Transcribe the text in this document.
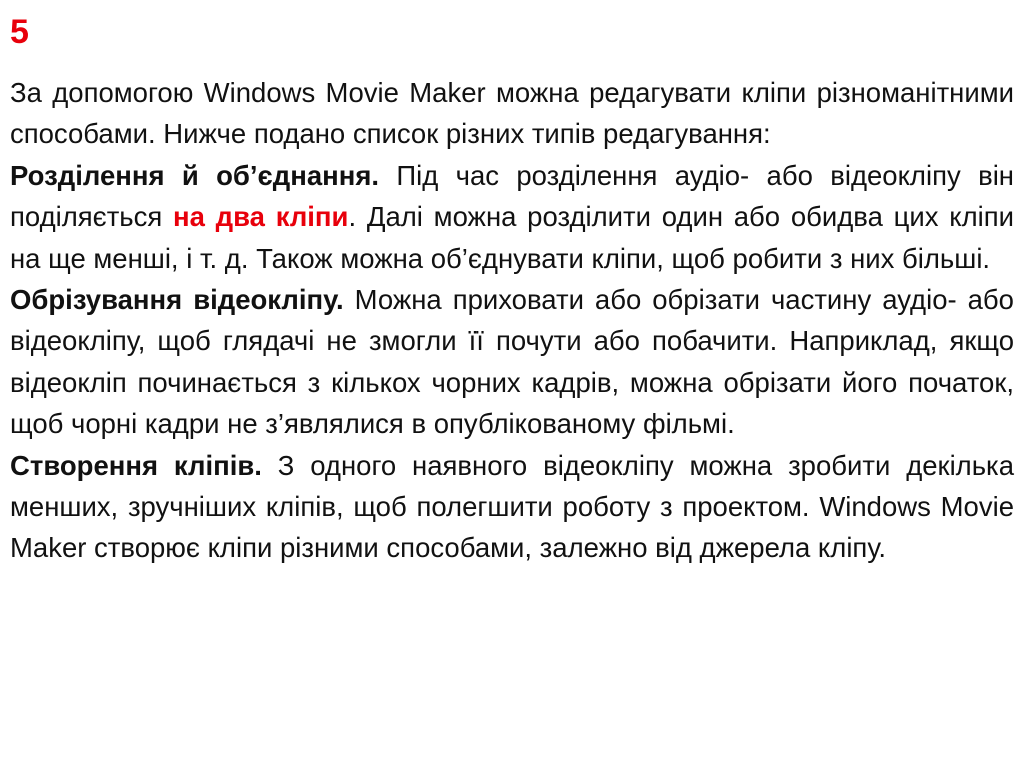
5

За допомогою Windows Movie Maker можна редагувати кліпи різноманітними способами. Нижче подано список різних типів редагування:

Розділення й об’єднання. Під час розділення аудіо- або відеокліпу він поділяється на два кліпи. Далі можна розділити один або обидва цих кліпи на ще менші, і т. д. Також можна об’єднувати кліпи, щоб робити з них більші.

Обрізування відеокліпу. Можна приховати або обрізати частину аудіо- або відеокліпу, щоб глядачі не змогли її почути або побачити. Наприклад, якщо відеокліп починається з кількох чорних кадрів, можна обрізати його початок, щоб чорні кадри не з’являлися в опублікованому фільмі.

Створення кліпів. З одного наявного відеокліпу можна зробити декілька менших, зручніших кліпів, щоб полегшити роботу з проектом. Windows Movie Maker створює кліпи різними способами, залежно від джерела кліпу.
